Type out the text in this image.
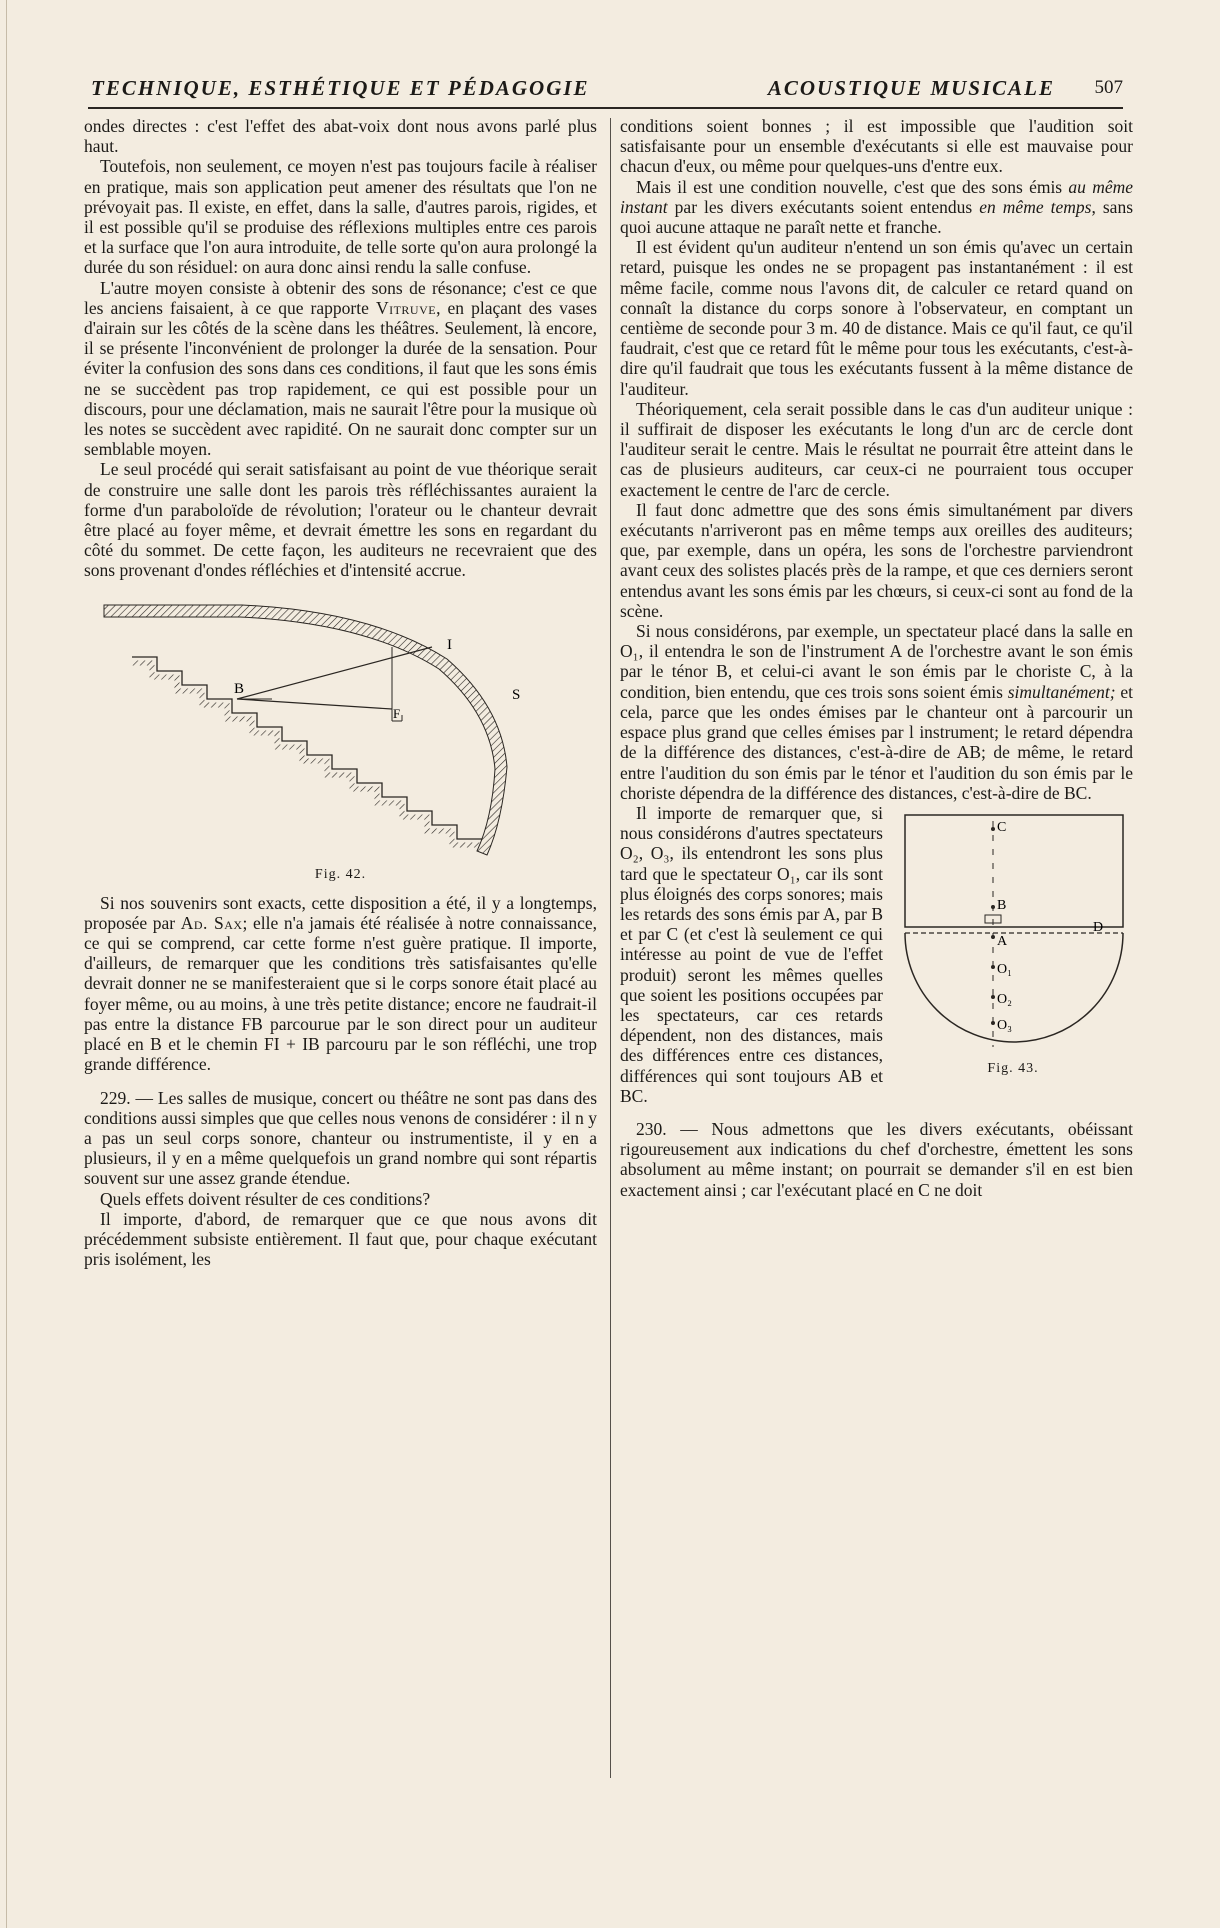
TECHNIQUE, ESTHÉTIQUE ET PÉDAGOGIE	ACOUSTIQUE MUSICALE 507

ondes directes : c'est l'effet des abat-voix dont nous avons parlé plus haut.

Toutefois, non seulement, ce moyen n'est pas toujours facile à réaliser en pratique, mais son application peut amener des résultats que l'on ne prévoyait pas. Il existe, en effet, dans la salle, d'autres parois, rigides, et il est possible qu'il se produise des réflexions multiples entre ces parois et la surface que l'on aura introduite, de telle sorte qu'on aura prolongé la durée du son résiduel: on aura donc ainsi rendu la salle confuse.

L'autre moyen consiste à obtenir des sons de résonance; c'est ce que les anciens faisaient, à ce que rapporte Vitruve, en plaçant des vases d'airain sur les côtés de la scène dans les théâtres. Seulement, là encore, il se présente l'inconvénient de prolonger la durée de la sensation. Pour éviter la confusion des sons dans ces conditions, il faut que les sons émis ne se succèdent pas trop rapidement, ce qui est possible pour un discours, pour une déclamation, mais ne saurait l'être pour la musique où les notes se succèdent avec rapidité. On ne saurait donc compter sur un semblable moyen.

Le seul procédé qui serait satisfaisant au point de vue théorique serait de construire une salle dont les parois très réfléchissantes auraient la forme d'un paraboloïde de révolution; l'orateur ou le chanteur devrait être placé au foyer même, et devrait émettre les sons en regardant du côté du sommet. De cette façon, les auditeurs ne recevraient que des sons provenant d'ondes réfléchies et d'intensité accrue.

B
I
S
F
Fig. 42.

Si nos souvenirs sont exacts, cette disposition a été, il y a longtemps, proposée par Ad. Sax; elle n'a jamais été réalisée à notre connaissance, ce qui se comprend, car cette forme n'est guère pratique. Il importe, d'ailleurs, de remarquer que les conditions très satisfaisantes qu'elle devrait donner ne se manifesteraient que si le corps sonore était placé au foyer même, ou au moins, à une très petite distance; encore ne faudrait-il pas entre la distance FB parcourue par le son direct pour un auditeur placé en B et le chemin FI + IB parcouru par le son réfléchi, une trop grande différence.

229. — Les salles de musique, concert ou théâtre ne sont pas dans des conditions aussi simples que que celles nous venons de considérer : il n y a pas un seul corps sonore, chanteur ou instrumentiste, il y en a plusieurs, il y en a même quelquefois un grand nombre qui sont répartis souvent sur une assez grande étendue.

Quels effets doivent résulter de ces conditions?

Il importe, d'abord, de remarquer que ce que nous avons dit précédemment subsiste entièrement. Il faut que, pour chaque exécutant pris isolément, les

conditions soient bonnes ; il est impossible que l'audition soit satisfaisante pour un ensemble d'exécutants si elle est mauvaise pour chacun d'eux, ou même pour quelques-uns d'entre eux.

Mais il est une condition nouvelle, c'est que des sons émis au même instant par les divers exécutants soient entendus en même temps, sans quoi aucune attaque ne paraît nette et franche.

Il est évident qu'un auditeur n'entend un son émis qu'avec un certain retard, puisque les ondes ne se propagent pas instantanément : il est même facile, comme nous l'avons dit, de calculer ce retard quand on connaît la distance du corps sonore à l'observateur, en comptant un centième de seconde pour 3 m. 40 de distance. Mais ce qu'il faut, ce qu'il faudrait, c'est que ce retard fût le même pour tous les exécutants, c'est-à-dire qu'il faudrait que tous les exécutants fussent à la même distance de l'auditeur.

Théoriquement, cela serait possible dans le cas d'un auditeur unique : il suffirait de disposer les exécutants le long d'un arc de cercle dont l'auditeur serait le centre. Mais le résultat ne pourrait être atteint dans le cas de plusieurs auditeurs, car ceux-ci ne pourraient tous occuper exactement le centre de l'arc de cercle.

Il faut donc admettre que des sons émis simultanément par divers exécutants n'arriveront pas en même temps aux oreilles des auditeurs; que, par exemple, dans un opéra, les sons de l'orchestre parviendront avant ceux des solistes placés près de la rampe, et que ces derniers seront entendus avant les sons émis par les chœurs, si ceux-ci sont au fond de la scène.

Si nous considérons, par exemple, un spectateur placé dans la salle en O₁, il entendra le son de l'instrument A de l'orchestre avant le son émis par le ténor B, et celui-ci avant le son émis par le choriste C, à la condition, bien entendu, que ces trois sons soient émis simultanément; et cela, parce que les ondes émises par le chanteur ont à parcourir un espace plus grand que celles émises par l instrument; le retard dépendra de la différence des distances, c'est-à-dire de AB; de même, le retard entre l'audition du son émis par le ténor et l'audition du son émis par le choriste dépendra de la différence des distances, c'est-à-dire de BC.

C
B
A
D
O₁
O₂
O₃
Fig. 43.

Il importe de remarquer que, si nous considérons d'autres spectateurs O₂, O₃, ils entendront les sons plus tard que le spectateur O₁, car ils sont plus éloignés des corps sonores; mais les retards des sons émis par A, par B et par C (et c'est là seulement ce qui intéresse au point de vue de l'effet produit) seront les mêmes quelles que soient les positions occupées par les spectateurs, car ces retards dépendent, non des distances, mais des différences entre ces distances, différences qui sont toujours AB et BC.

230. — Nous admettons que les divers exécutants, obéissant rigoureusement aux indications du chef d'orchestre, émettent les sons absolument au même instant; on pourrait se demander s'il en est bien exactement ainsi ; car l'exécutant placé en C ne doit
